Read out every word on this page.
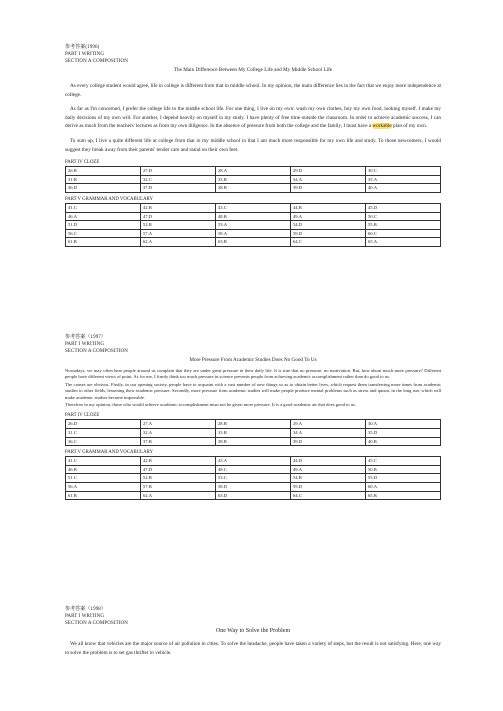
参考答案(1996)
PART I WRITING
SECTION A COMPOSITION
The Main Difference Between My College Life and My Middle School Life

As every college student would agree, life in college is different from that in middle school. In my opinion, the main difference lies in the fact that we enjoy more independence at college.

As far as I'm concerned, I prefer the college life to the middle school life. For one thing, I live on my own: wash my own clothes, buy my own food, looking myself. I make my daily decisions of my own will. For another, I depend heavily on myself in my study. I have plenty of free time outside the classroom. In order to achieve academic success, I can derive as much from the teachers' lectures as from my own diligence. In the absence of pressure from both the college and the family, I must have a workable plan of my own.

To sum up, I live a quite different life at college from that in my middle school in that I am much more responsible for my own life and study. To those newcomers, I would suggest they break away from their parents' tender care and stand on their own feet.

PART IV CLOZE
26.B	27.D	28.A	29.D	30.C
31.B	32.C	33.B	34.A	35.A
36.D	37.D	38.B	39.D	40.A
PART V GRAMMAR AND VOCABULARY
41.C	42.B	43.C	44.B	45.D
46.A	47.D	48.B	49.A	50.C
51.D	52.B	53.A	54.D	55.B
56.C	57.A	58.A	59.D	60.C
61.B	62.A	63.B	64.C	65.A
参考答案（1997）
PART I WRITING
SECTION A COMPOSITION
More Pressure From Academic Studies Does No Good To Us

Nowadays, we may often hear people around us complain that they are under great pressure in their daily life. It is true that no pressure, no motivation. But, how about much more pressure? Different people have different views of point. As for me, I firmly think too much pressure in science prevents people from achieving academic accomplishment rather than do good to us.

The causes are obvious. Firstly, in our opening society, people have to acquaint with a vast number of new things so as to obtain better lives, which request them transferring more times from academic studies to other fields, lessening their academic pressure. Secondly, more pressure from academic studies will make people produce mental problems such as stress and quism, in the long run, which will make academic studies become impossible.

Therefore in my opinion, those who would achieve academic accomplishment must not be given more pressure. It is a good academic air that does good to us.

PART IV CLOZE
26.D	27.A	28.B	29.A	30.A
31.C	32.A	33.B	34.A	35.D
36.C	37.B	38.B	39.D	40.B
PART V GRAMMAR AND VOCABULARY
41.C	42.B	43.A	44.D	45.C
46.B	47.D	48.C	49.A	50.B
51.C	52.B	53.C	54.B	55.D
56.A	57.B	58.D	59.D	60.A
61.B	62.A	63.D	64.C	65.B
参考答案（1998）
PART I WRITING
SECTION A COMPOSITION
One Way to Solve the Problem

We all know that vehicles are the major source of air pollution in cities. To solve the headache, people have taken a variety of steps, but the result is not satisfying. Here, one way to solve the problem is to set gas thrifter in vehicle.
